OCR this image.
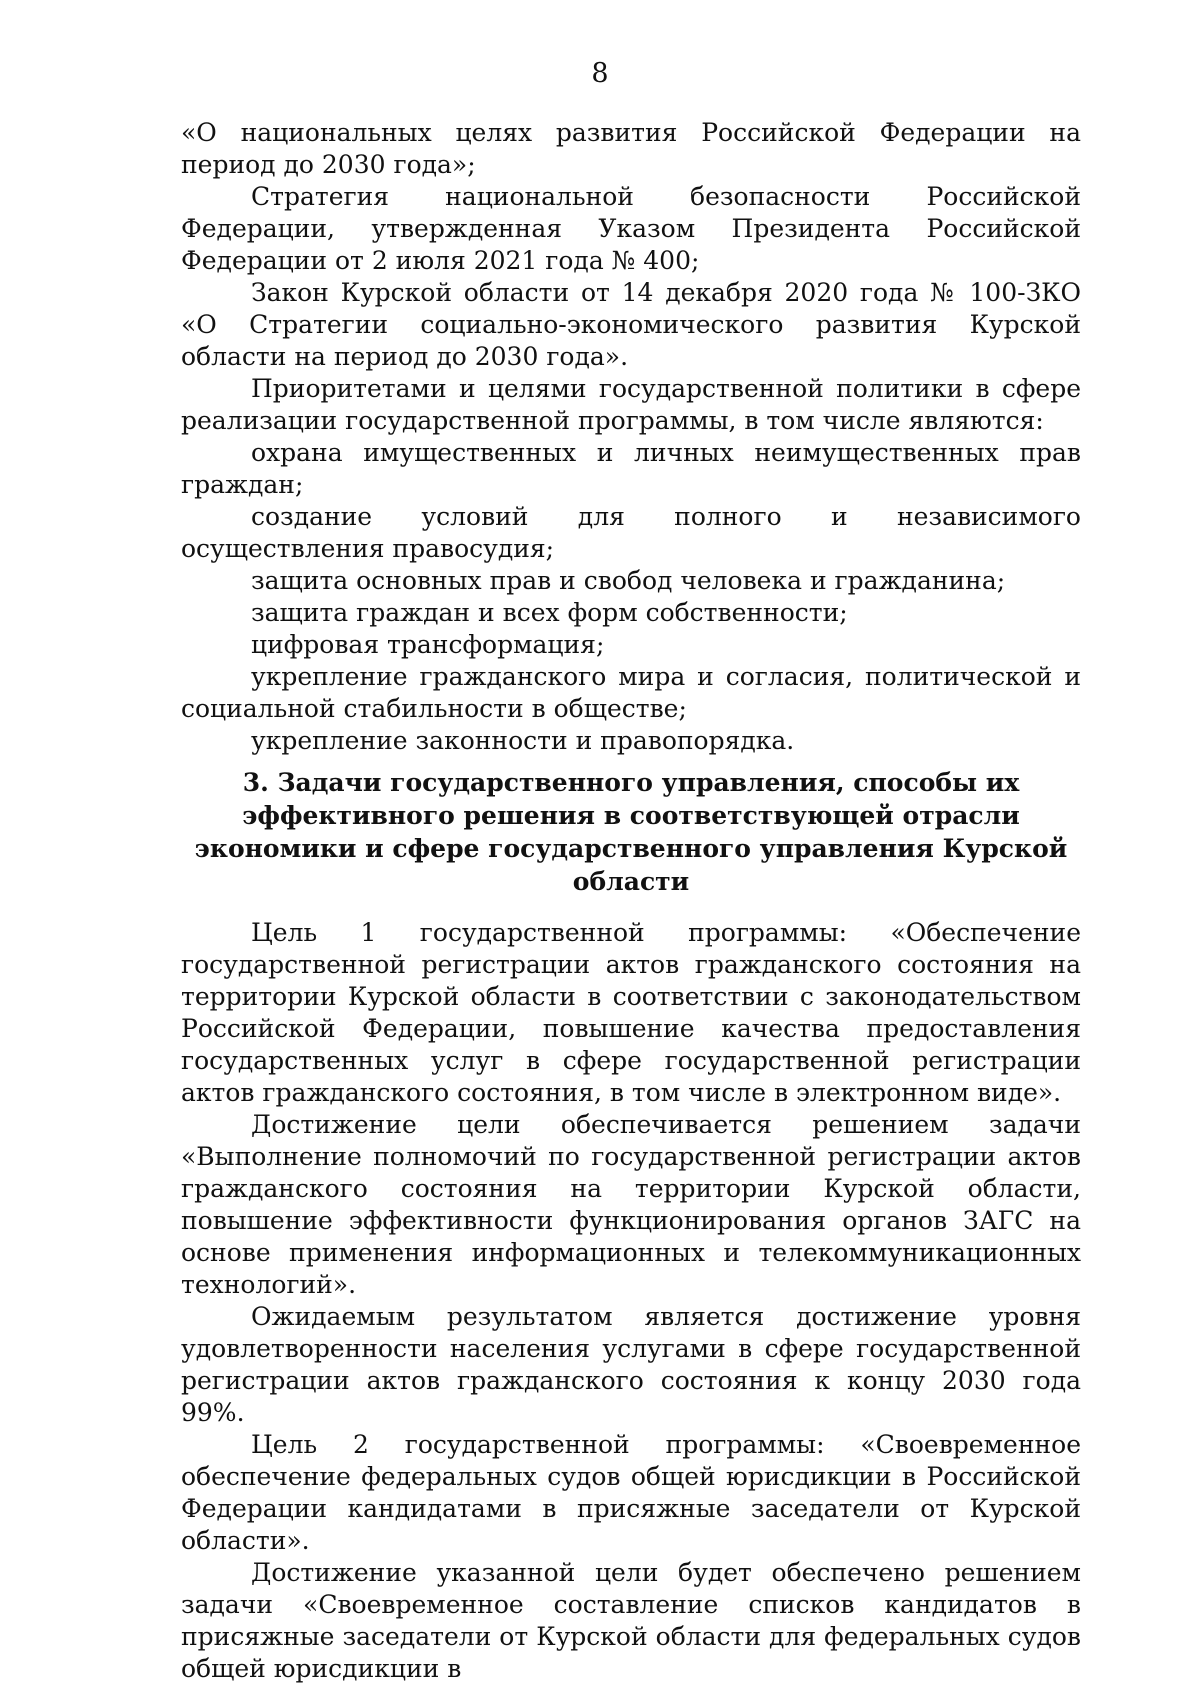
8

«О национальных целях развития Российской Федерации на период до 2030 года»;

Стратегия национальной безопасности Российской Федерации, утвержденная Указом Президента Российской Федерации от 2 июля 2021 года № 400;

Закон Курской области от 14 декабря 2020 года № 100-ЗКО «О Стратегии социально-экономического развития Курской области на период до 2030 года».

Приоритетами и целями государственной политики в сфере реализации государственной программы, в том числе являются:

охрана имущественных и личных неимущественных прав граждан;

создание условий для полного и независимого осуществления правосудия;

защита основных прав и свобод человека и гражданина;

защита граждан и всех форм собственности;

цифровая трансформация;

укрепление гражданского мира и согласия, политической и социальной стабильности в обществе;

укрепление законности и правопорядка.

3. Задачи государственного управления, способы их эффективного решения в соответствующей отрасли экономики и сфере государственного управления Курской области

Цель 1 государственной программы: «Обеспечение государственной регистрации актов гражданского состояния на территории Курской области в соответствии с законодательством Российской Федерации, повышение качества предоставления государственных услуг в сфере государственной регистрации актов гражданского состояния, в том числе в электронном виде».

Достижение цели обеспечивается решением задачи «Выполнение полномочий по государственной регистрации актов гражданского состояния на территории Курской области, повышение эффективности функционирования органов ЗАГС на основе применения информационных и телекоммуникационных технологий».

Ожидаемым результатом является достижение уровня удовлетворенности населения услугами в сфере государственной регистрации актов гражданского состояния к концу 2030 года 99%.

Цель 2 государственной программы: «Своевременное обеспечение федеральных судов общей юрисдикции в Российской Федерации кандидатами в присяжные заседатели от Курской области».

Достижение указанной цели будет обеспечено решением задачи «Своевременное составление списков кандидатов в присяжные заседатели от Курской области для федеральных судов общей юрисдикции в
